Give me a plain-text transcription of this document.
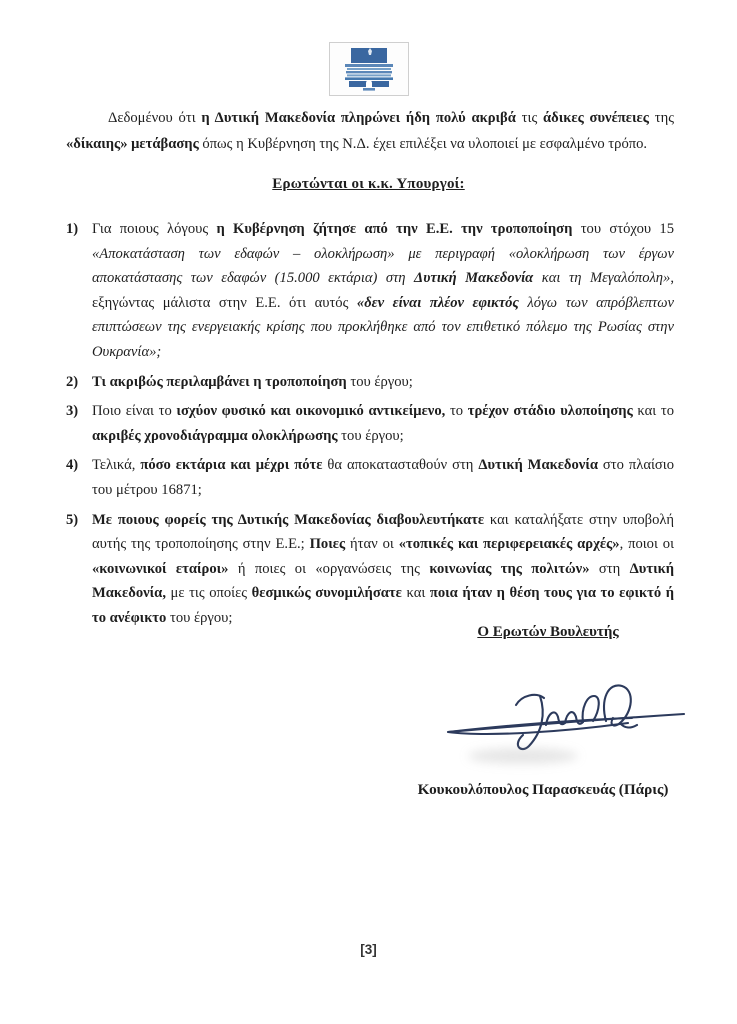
Δεδομένου ότι η Δυτική Μακεδονία πληρώνει ήδη πολύ ακριβά τις άδικες συνέπειες της «δίκαιης» μετάβασης όπως η Κυβέρνηση της Ν.Δ. έχει επιλέξει να υλοποιεί με εσφαλμένο τρόπο.

Ερωτώνται οι κ.κ. Υπουργοί:
1) Για ποιους λόγους η Κυβέρνηση ζήτησε από την Ε.Ε. την τροποποίηση του στόχου 15 «Αποκατάσταση των εδαφών – ολοκλήρωση» με περιγραφή «ολοκλήρωση των έργων αποκατάστασης των εδαφών (15.000 εκτάρια) στη Δυτική Μακεδονία και τη Μεγαλόπολη», εξηγώντας μάλιστα στην Ε.Ε. ότι αυτός «δεν είναι πλέον εφικτός λόγω των απρόβλεπτων επιπτώσεων της ενεργειακής κρίσης που προκλήθηκε από τον επιθετικό πόλεμο της Ρωσίας στην Ουκρανία»;
2) Τι ακριβώς περιλαμβάνει η τροποποίηση του έργου;
3) Ποιο είναι το ισχύον φυσικό και οικονομικό αντικείμενο, το τρέχον στάδιο υλοποίησης και το ακριβές χρονοδιάγραμμα ολοκλήρωσης του έργου;
4) Τελικά, πόσο εκτάρια και μέχρι πότε θα αποκατασταθούν στη Δυτική Μακεδονία στο πλαίσιο του μέτρου 16871;
5) Με ποιους φορείς της Δυτικής Μακεδονίας διαβουλευτήκατε και καταλήξατε στην υποβολή αυτής της τροποποίησης στην Ε.Ε.; Ποιες ήταν οι «τοπικές και περιφερειακές αρχές», ποιοι οι «κοινωνικοί εταίροι» ή ποιες οι «οργανώσεις της κοινωνίας της πολιτών» στη Δυτική Μακεδονία, με τις οποίες θεσμικώς συνομιλήσατε και ποια ήταν η θέση τους για το εφικτό ή το ανέφικτο του έργου;
Ο Ερωτών Βουλευτής
Κουκουλόπουλος Παρασκευάς (Πάρις)
[3]
